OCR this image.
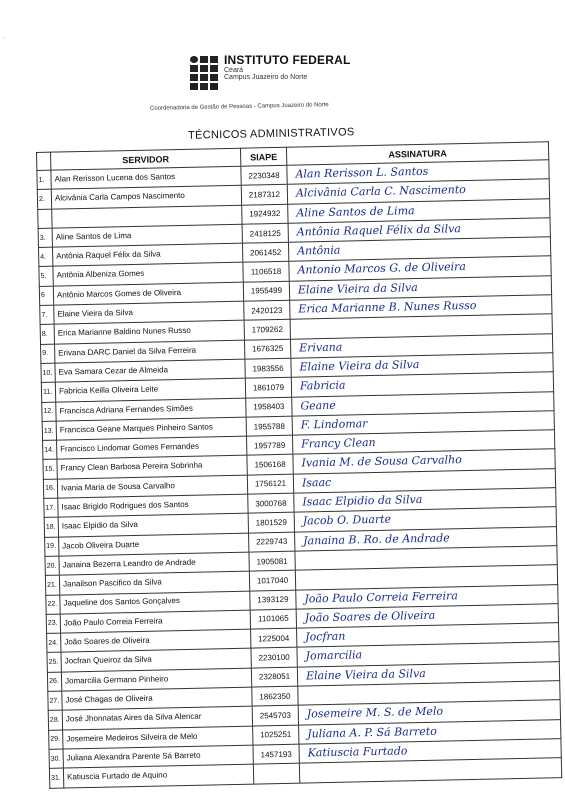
⸱
INSTITUTO FEDERAL
Ceará
Campus Juazeiro do Norte
Coordenadoria de Gestão de Pessoas - Campus Juazeiro do Norte
TÉCNICOS ADMINISTRATIVOS
	SERVIDOR	SIAPE	ASSINATURA
1.	Alan Rerisson Lucena dos Santos	2230348	Alan Rerisson L. Santos

2.	Alcivânia Carla Campos Nascimento	2187312	Alcivânia Carla C. Nascimento

		1924932	Aline Santos de Lima

3.	Aline Santos de Lima	2418125	Antônia Raquel Félix da Silva

4.	Antônia Raquel Félix da Silva	2061452	Antônia

5.	Antônia Albeniza Gomes	1106518	Antonio Marcos G. de Oliveira

6	Antônio Marcos Gomes de Oliveira	1955499	Elaine Vieira da Silva

7.	Elaine Vieira da Silva	2420123	Erica Marianne B. Nunes Russo

8.	Erica Marianne Baldino Nunes Russo	1709262	
9.	Erivana DARC Daniel da Silva Ferreira	1676325	Erivana

10.	Eva Samara Cezar de Almeida	1983556	Elaine Vieira da Silva

11.	Fabricia Keilla Oliveira Leite	1861079	Fabricia

12.	Francisca Adriana Fernandes Simões	1958403	Geane

13.	Francisca Geane Marques Pinheiro Santos	1955788	F. Lindomar

14.	Francisco Lindomar Gomes Fernandes	1957789	Francy Clean

15.	Francy Clean Barbosa Pereira Sobrinha	1506168	Ivania M. de Sousa Carvalho

16.	Ivania Maria de Sousa Carvalho	1756121	Isaac

17.	Isaac Brigido Rodrigues dos Santos	3000768	Isaac Elpidio da Silva

18.	Isaac Elpidio da Silva	1801529	Jacob O. Duarte

19.	Jacob Oliveira Duarte	2229743	Janaina B. Ro. de Andrade

20.	Janaina Bezerra Leandro de Andrade	1905081	
21.	Janailson Pascifico da Silva	1017040	
22.	Jaqueline dos Santos Gonçalves	1393129	João Paulo Correia Ferreira

23.	João Paulo Correia Ferreira	1101065	João Soares de Oliveira

24.	João Soares de Oliveira	1225004	Jocfran

25.	Jocfran Queiroz da Silva	2230100	Jomarcilia

26.	Jomarcilia Germano Pinheiro	2328051	Elaine Vieira da Silva

27.	José Chagas de Oliveira	1862350	
28.	José Jhonnatas Aires da Silva Alencar	2545703	Josemeire M. S. de Melo

29.	Josemeire Medeiros Silveira de Melo	1025251	Juliana A. P. Sá Barreto

30.	Juliana Alexandra Parente Sá Barreto	1457193	Katiuscia Furtado

31.	Katiuscia Furtado de Aquino		
